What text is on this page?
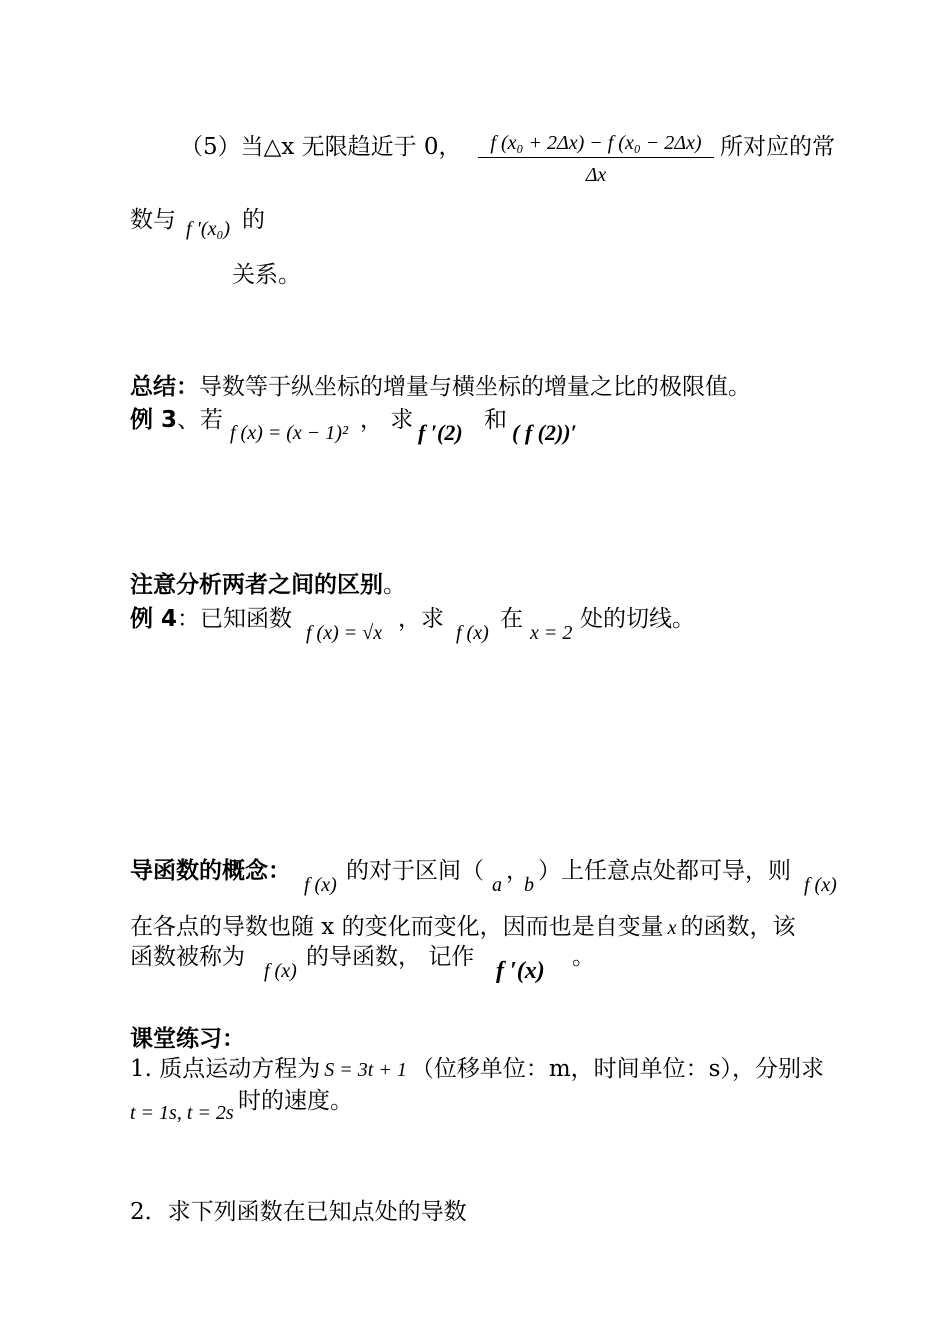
（5）当△x 无限趋近于 0， $\frac{\text{f (x₀ + 2Δx) − f (x₀ − 2Δx)}}{\Delta x}$ 所对应的常
数与 f ′(x₀) 的
关系。
总结：导数等于纵坐标的增量与横坐标的增量之比的极限值。
例 3、若 f (x) = (x − 1)² ， 求 f ′(2) 和 ( f (2))′
注意分析两者之间的区别。
例 4：已知函数
f (x) = √x
，求
f (x)
在
x = 2
处的切线。
导函数的概念：
f (x)
的对于区间（
a
，
b
）上任意点处都可导，则
f (x)
在各点的导数也随 x 的变化而变化，因而也是自变量 x 的函数，该
函数被称为
f (x)
的导函数， 记作
f ′(x)
。
课堂练习：
1. 质点运动方程为 S = 3t + 1 （位移单位：m，时间单位：s），分别求
t = 1s, t = 2s 时的速度。
2．求下列函数在已知点处的导数
